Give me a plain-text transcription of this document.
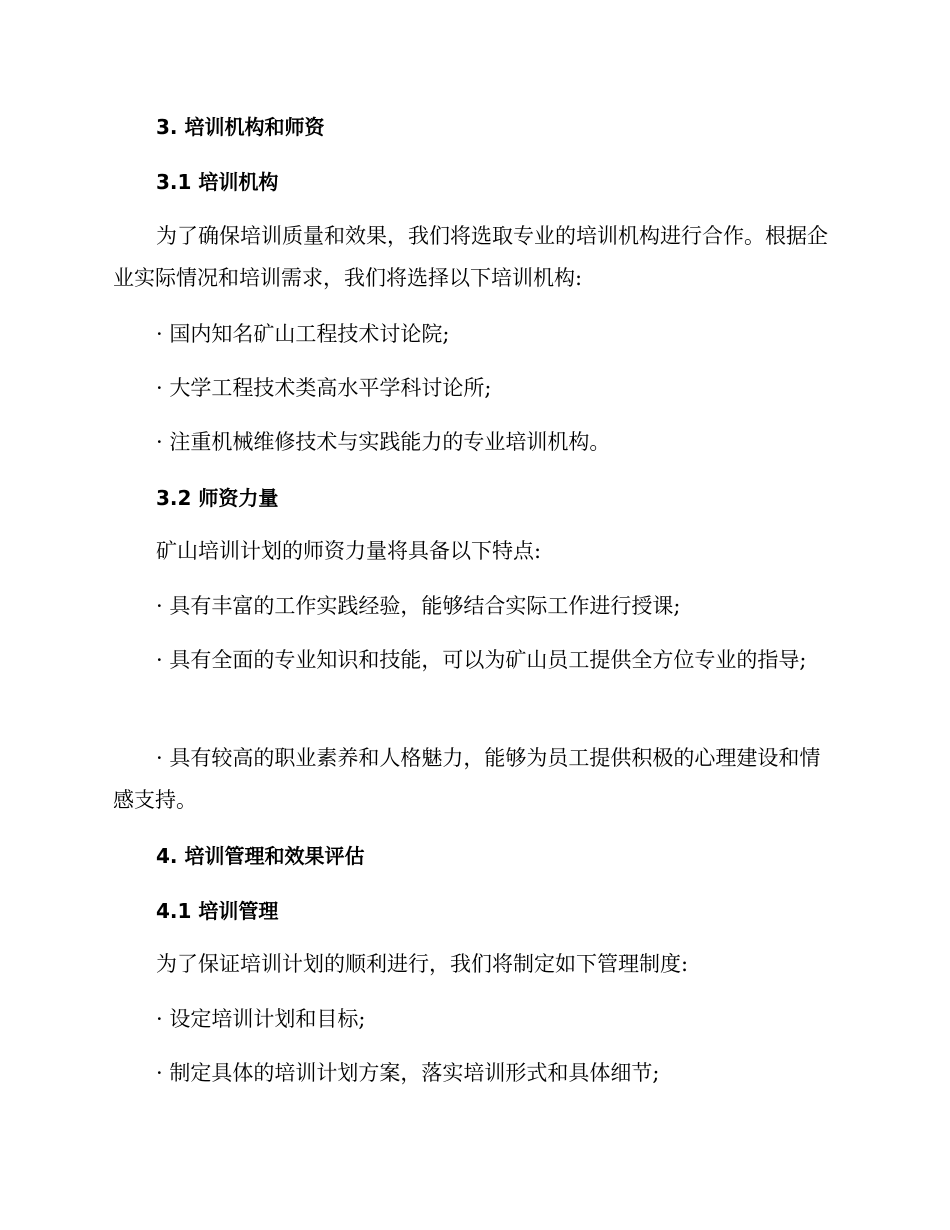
3. 培训机构和师资

3.1 培训机构

为了确保培训质量和效果，我们将选取专业的培训机构进行合作。根据企业实际情况和培训需求，我们将选择以下培训机构:

· 国内知名矿山工程技术讨论院;

· 大学工程技术类高水平学科讨论所;

· 注重机械维修技术与实践能力的专业培训机构。

3.2 师资力量

矿山培训计划的师资力量将具备以下特点:

· 具有丰富的工作实践经验，能够结合实际工作进行授课;

· 具有全面的专业知识和技能，可以为矿山员工提供全方位专业的指导;

· 具有较高的职业素养和人格魅力，能够为员工提供积极的心理建设和情感支持。

4. 培训管理和效果评估

4.1 培训管理

为了保证培训计划的顺利进行，我们将制定如下管理制度:

· 设定培训计划和目标;

· 制定具体的培训计划方案，落实培训形式和具体细节;
